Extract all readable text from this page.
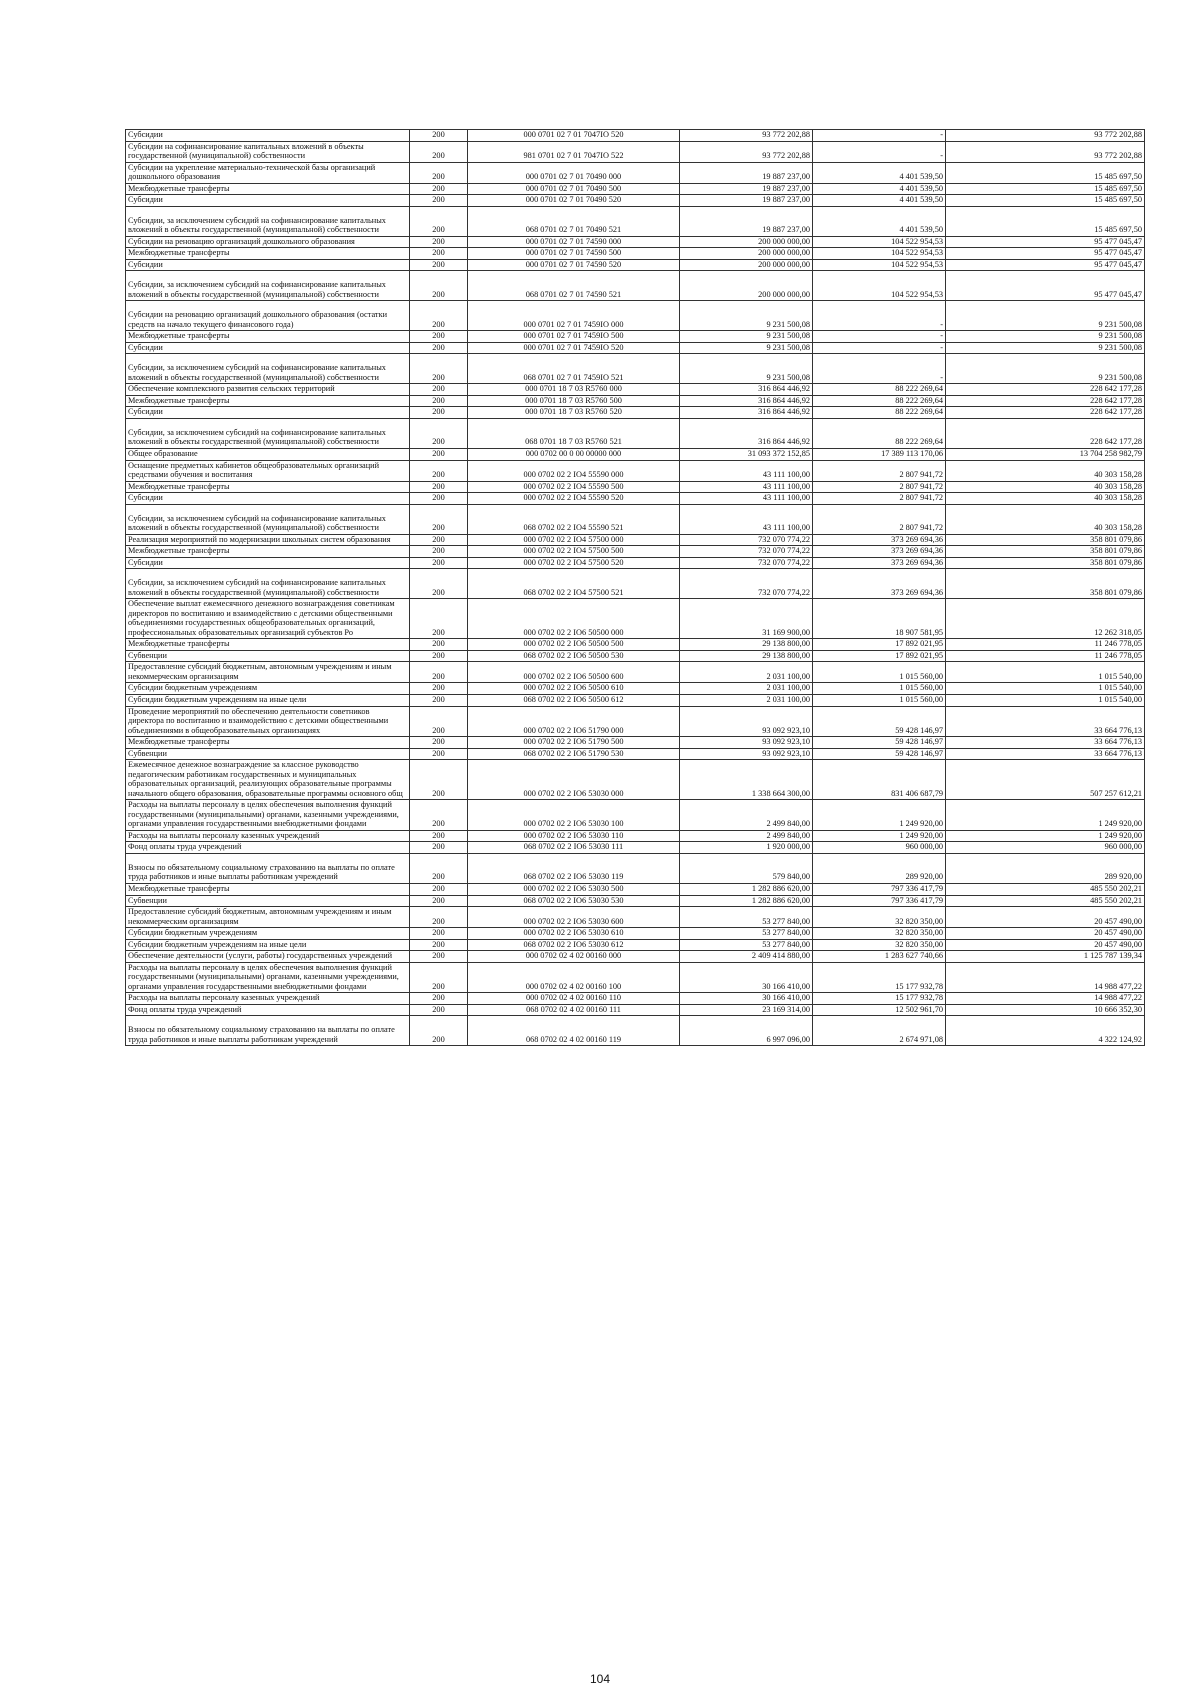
Субсидии	200	000 0701 02 7 01 7047IO 520	93 772 202,88	-	93 772 202,88
Субсидии на софинансирование капитальных вложений в объекты государственной (муниципальной) собственности	200	981 0701 02 7 01 7047IO 522	93 772 202,88	-	93 772 202,88
Субсидии на укрепление материально-технической базы организаций дошкольного образования	200	000 0701 02 7 01 70490 000	19 887 237,00	4 401 539,50	15 485 697,50
Межбюджетные трансферты	200	000 0701 02 7 01 70490 500	19 887 237,00	4 401 539,50	15 485 697,50
Субсидии	200	000 0701 02 7 01 70490 520	19 887 237,00	4 401 539,50	15 485 697,50
Субсидии, за исключением субсидий на софинансирование капитальных вложений в объекты государственной (муниципальной) собственности	200	068 0701 02 7 01 70490 521	19 887 237,00	4 401 539,50	15 485 697,50
Субсидии на реновацию организаций дошкольного образования	200	000 0701 02 7 01 74590 000	200 000 000,00	104 522 954,53	95 477 045,47
Межбюджетные трансферты	200	000 0701 02 7 01 74590 500	200 000 000,00	104 522 954,53	95 477 045,47
Субсидии	200	000 0701 02 7 01 74590 520	200 000 000,00	104 522 954,53	95 477 045,47
Субсидии, за исключением субсидий на софинансирование капитальных вложений в объекты государственной (муниципальной) собственности	200	068 0701 02 7 01 74590 521	200 000 000,00	104 522 954,53	95 477 045,47
Субсидии на реновацию организаций дошкольного образования (остатки средств на начало текущего финансового года)	200	000 0701 02 7 01 7459IO 000	9 231 500,08	-	9 231 500,08
Межбюджетные трансферты	200	000 0701 02 7 01 7459IO 500	9 231 500,08	-	9 231 500,08
Субсидии	200	000 0701 02 7 01 7459IO 520	9 231 500,08	-	9 231 500,08
Субсидии, за исключением субсидий на софинансирование капитальных вложений в объекты государственной (муниципальной) собственности	200	068 0701 02 7 01 7459IO 521	9 231 500,08	-	9 231 500,08
Обеспечение комплексного развития сельских территорий	200	000 0701 18 7 03 R5760 000	316 864 446,92	88 222 269,64	228 642 177,28
Межбюджетные трансферты	200	000 0701 18 7 03 R5760 500	316 864 446,92	88 222 269,64	228 642 177,28
Субсидии	200	000 0701 18 7 03 R5760 520	316 864 446,92	88 222 269,64	228 642 177,28
Субсидии, за исключением субсидий на софинансирование капитальных вложений в объекты государственной (муниципальной) собственности	200	068 0701 18 7 03 R5760 521	316 864 446,92	88 222 269,64	228 642 177,28
Общее образование	200	000 0702 00 0 00 00000 000	31 093 372 152,85	17 389 113 170,06	13 704 258 982,79
Оснащение предметных кабинетов общеобразовательных организаций средствами обучения и воспитания	200	000 0702 02 2 IO4 55590 000	43 111 100,00	2 807 941,72	40 303 158,28
Межбюджетные трансферты	200	000 0702 02 2 IO4 55590 500	43 111 100,00	2 807 941,72	40 303 158,28
Субсидии	200	000 0702 02 2 IO4 55590 520	43 111 100,00	2 807 941,72	40 303 158,28
Субсидии, за исключением субсидий на софинансирование капитальных вложений в объекты государственной (муниципальной) собственности	200	068 0702 02 2 IO4 55590 521	43 111 100,00	2 807 941,72	40 303 158,28
Реализация мероприятий по модернизации школьных систем образования	200	000 0702 02 2 IO4 57500 000	732 070 774,22	373 269 694,36	358 801 079,86
Межбюджетные трансферты	200	000 0702 02 2 IO4 57500 500	732 070 774,22	373 269 694,36	358 801 079,86
Субсидии	200	000 0702 02 2 IO4 57500 520	732 070 774,22	373 269 694,36	358 801 079,86
Субсидии, за исключением субсидий на софинансирование капитальных вложений в объекты государственной (муниципальной) собственности	200	068 0702 02 2 IO4 57500 521	732 070 774,22	373 269 694,36	358 801 079,86
Обеспечение выплат ежемесячного денежного вознаграждения советникам директоров по воспитанию и взаимодействию с детскими общественными объединениями государственных общеобразовательных организаций, профессиональных образовательных организаций субъектов Ро	200	000 0702 02 2 IO6 50500 000	31 169 900,00	18 907 581,95	12 262 318,05
Межбюджетные трансферты	200	000 0702 02 2 IO6 50500 500	29 138 800,00	17 892 021,95	11 246 778,05
Субвенции	200	068 0702 02 2 IO6 50500 530	29 138 800,00	17 892 021,95	11 246 778,05
Предоставление субсидий бюджетным, автономным учреждениям и иным некоммерческим организациям	200	000 0702 02 2 IO6 50500 600	2 031 100,00	1 015 560,00	1 015 540,00
Субсидии бюджетным учреждениям	200	000 0702 02 2 IO6 50500 610	2 031 100,00	1 015 560,00	1 015 540,00
Субсидии бюджетным учреждениям на иные цели	200	068 0702 02 2 IO6 50500 612	2 031 100,00	1 015 560,00	1 015 540,00
Проведение мероприятий по обеспечению деятельности советников директора по воспитанию и взаимодействию с детскими общественными объединениями в общеобразовательных организациях	200	000 0702 02 2 IO6 51790 000	93 092 923,10	59 428 146,97	33 664 776,13
Межбюджетные трансферты	200	000 0702 02 2 IO6 51790 500	93 092 923,10	59 428 146,97	33 664 776,13
Субвенции	200	068 0702 02 2 IO6 51790 530	93 092 923,10	59 428 146,97	33 664 776,13
Ежемесячное денежное вознаграждение за классное руководство педагогическим работникам государственных и муниципальных образовательных организаций, реализующих образовательные программы начального общего образования, образовательные программы основного общ	200	000 0702 02 2 IO6 53030 000	1 338 664 300,00	831 406 687,79	507 257 612,21
Расходы на выплаты персоналу в целях обеспечения выполнения функций государственными (муниципальными) органами, казенными учреждениями, органами управления государственными внебюджетными фондами	200	000 0702 02 2 IO6 53030 100	2 499 840,00	1 249 920,00	1 249 920,00
Расходы на выплаты персоналу казенных учреждений	200	000 0702 02 2 IO6 53030 110	2 499 840,00	1 249 920,00	1 249 920,00
Фонд оплаты труда учреждений	200	068 0702 02 2 IO6 53030 111	1 920 000,00	960 000,00	960 000,00
Взносы по обязательному социальному страхованию на выплаты по оплате труда работников и иные выплаты работникам учреждений	200	068 0702 02 2 IO6 53030 119	579 840,00	289 920,00	289 920,00
Межбюджетные трансферты	200	000 0702 02 2 IO6 53030 500	1 282 886 620,00	797 336 417,79	485 550 202,21
Субвенции	200	068 0702 02 2 IO6 53030 530	1 282 886 620,00	797 336 417,79	485 550 202,21
Предоставление субсидий бюджетным, автономным учреждениям и иным некоммерческим организациям	200	000 0702 02 2 IO6 53030 600	53 277 840,00	32 820 350,00	20 457 490,00
Субсидии бюджетным учреждениям	200	000 0702 02 2 IO6 53030 610	53 277 840,00	32 820 350,00	20 457 490,00
Субсидии бюджетным учреждениям на иные цели	200	068 0702 02 2 IO6 53030 612	53 277 840,00	32 820 350,00	20 457 490,00
Обеспечение деятельности (услуги, работы) государственных учреждений	200	000 0702 02 4 02 00160 000	2 409 414 880,00	1 283 627 740,66	1 125 787 139,34
Расходы на выплаты персоналу в целях обеспечения выполнения функций государственными (муниципальными) органами, казенными учреждениями, органами управления государственными внебюджетными фондами	200	000 0702 02 4 02 00160 100	30 166 410,00	15 177 932,78	14 988 477,22
Расходы на выплаты персоналу казенных учреждений	200	000 0702 02 4 02 00160 110	30 166 410,00	15 177 932,78	14 988 477,22
Фонд оплаты труда учреждений	200	068 0702 02 4 02 00160 111	23 169 314,00	12 502 961,70	10 666 352,30
Взносы по обязательному социальному страхованию на выплаты по оплате труда работников и иные выплаты работникам учреждений	200	068 0702 02 4 02 00160 119	6 997 096,00	2 674 971,08	4 322 124,92
104
